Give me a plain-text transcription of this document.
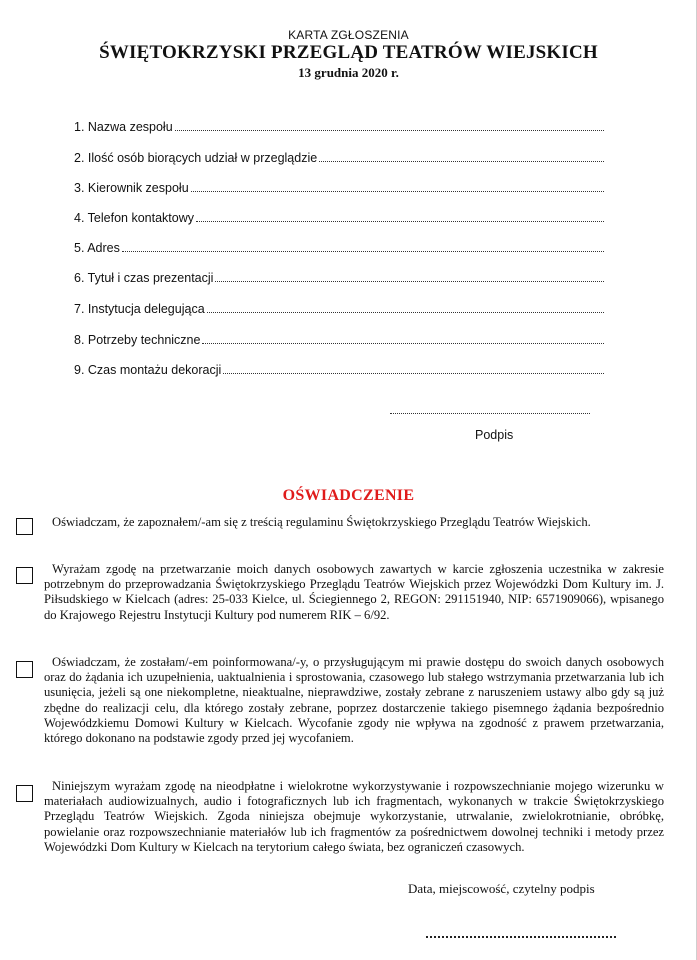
KARTA ZGŁOSZENIA
ŚWIĘTOKRZYSKI PRZEGLĄD TEATRÓW WIEJSKICH
13 grudnia 2020 r.
1. Nazwa zespołu
2. Ilość osób biorących udział w przeglądzie
3. Kierownik zespołu
4. Telefon kontaktowy
5. Adres
6. Tytuł i czas prezentacji
7. Instytucja delegująca
8. Potrzeby techniczne
9. Czas montażu dekoracji
Podpis
OŚWIADCZENIE
Oświadczam, że zapoznałem/-am się z treścią regulaminu Świętokrzyskiego Przeglądu Teatrów Wiejskich.
Wyrażam zgodę na przetwarzanie moich danych osobowych zawartych w karcie zgłoszenia uczestnika w zakresie potrzebnym do przeprowadzania Świętokrzyskiego Przeglądu Teatrów Wiejskich przez Wojewódzki Dom Kultury im. J. Piłsudskiego w Kielcach (adres: 25-033 Kielce, ul. Ściegiennego 2, REGON: 291151940, NIP: 6571909066), wpisanego do Krajowego Rejestru Instytucji Kultury pod numerem RIK – 6/92.
Oświadczam, że zostałam/-em poinformowana/-y, o przysługującym mi prawie dostępu do swoich danych osobowych oraz do żądania ich uzupełnienia, uaktualnienia i sprostowania, czasowego lub stałego wstrzymania przetwarzania lub ich usunięcia, jeżeli są one niekompletne, nieaktualne, nieprawdziwe, zostały zebrane z naruszeniem ustawy albo gdy są już zbędne do realizacji celu, dla którego zostały zebrane, poprzez dostarczenie takiego pisemnego żądania bezpośrednio Wojewódzkiemu Domowi Kultury w Kielcach. Wycofanie zgody nie wpływa na zgodność z prawem przetwarzania, którego dokonano na podstawie zgody przed jej wycofaniem.
Niniejszym wyrażam zgodę na nieodpłatne i wielokrotne wykorzystywanie i rozpowszechnianie mojego wizerunku w materiałach audiowizualnych, audio i fotograficznych lub ich fragmentach, wykonanych w trakcie Świętokrzyskiego Przeglądu Teatrów Wiejskich. Zgoda niniejsza obejmuje wykorzystanie, utrwalanie, zwielokrotnianie, obróbkę, powielanie oraz rozpowszechnianie materiałów lub ich fragmentów za pośrednictwem dowolnej techniki i metody przez Wojewódzki Dom Kultury w Kielcach na terytorium całego świata, bez ograniczeń czasowych.
Data, miejscowość, czytelny podpis
